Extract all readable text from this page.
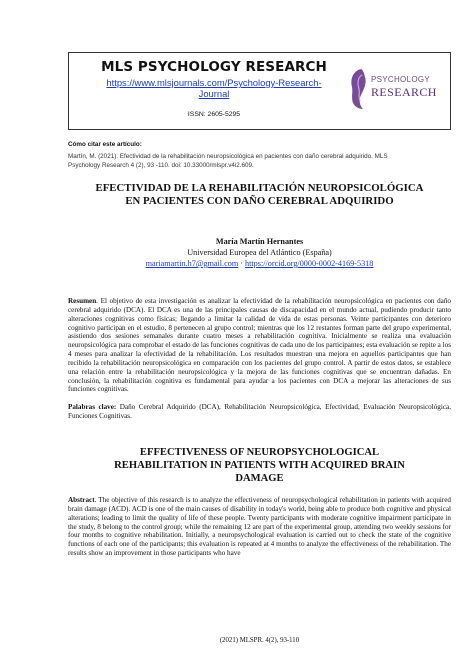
MLS PSYCHOLOGY RESEARCH
https://www.mlsjournals.com/Psychology-Research-
Journal
ISSN: 2605-5295
PSYCHOLOGY
RESEARCH
Cómo citar este artículo:
Martín, M. (2021). Efectividad de la rehabilitación neuropsicológica en pacientes con daño cerebral adquirido. MLS
Psychology Research 4 (2), 93 -110. doi: 10.33000/mlspr.v4i2.609.
EFECTIVIDAD DE LA REHABILITACIÓN NEUROPSICOLÓGICA
EN PACIENTES CON DAÑO CEREBRAL ADQUIRIDO
María Martín Hernantes
Universidad Europea del Atlántico (España)
mariamartin.h7@gmail.com · https://orcid.org/0000-0002-4169-5318
Resumen. El objetivo de esta investigación es analizar la efectividad de la rehabilitación neuropsicológica en pacientes con daño cerebral adquirido (DCA). El DCA es una de las principales causas de discapacidad en el mundo actual, pudiendo producir tanto alteraciones cognitivas como físicas; llegando a limitar la calidad de vida de estas personas. Veinte participantes con deterioro cognitivo participan en el estudio, 8 pertenecen al grupo control; mientras que los 12 restantes forman parte del grupo experimental, asistiendo dos sesiones semanales durante cuatro meses a rehabilitación cognitiva. Inicialmente se realiza una evaluación neuropsicológica para comprobar el estado de las funciones cognitivas de cada uno de los participantes; esta evaluación se repite a los 4 meses para analizar la efectividad de la rehabilitación. Los resultados muestran una mejora en aquellos participantes que han recibido la rehabilitación neuropsicológica en comparación con los pacientes del grupo control. A partir de estos datos, se establece una relación entre la rehabilitación neuropsicológica y la mejora de las funciones cognitivas que se encuentran dañadas. En conclusión, la rehabilitación cognitiva es fundamental para ayudar a los pacientes con DCA a mejorar las alteraciones de sus funciones cognitivas.
Palabras clave: Daño Cerebral Adquirido (DCA), Rehabilitación Neuropsicológica, Efectividad, Evaluación Neuropsicológica, Funciones Cognitivas.
EFFECTIVENESS OF NEUROPSYCHOLOGICAL
REHABILITATION IN PATIENTS WITH ACQUIRED BRAIN
DAMAGE
Abstract. The objective of this research is to analyze the effectiveness of neuropsychological rehabilitation in patients with acquired brain damage (ACD). ACD is one of the main causes of disability in today's world, being able to produce both cognitive and physical alterations; leading to limit the quality of life of these people. Twenty participants with moderate cognitive impairment participate in the study, 8 belong to the control group; while the remaining 12 are part of the experimental group, attending two weekly sessions for four months to cognitive rehabilitation. Initially, a neuropsychological evaluation is carried out to check the state of the cognitive functions of each one of the participants; this evaluation is repeated at 4 months to analyze the effectiveness of the rehabilitation. The results show an improvement in those participants who have
(2021) MLSPR. 4(2), 93-110
